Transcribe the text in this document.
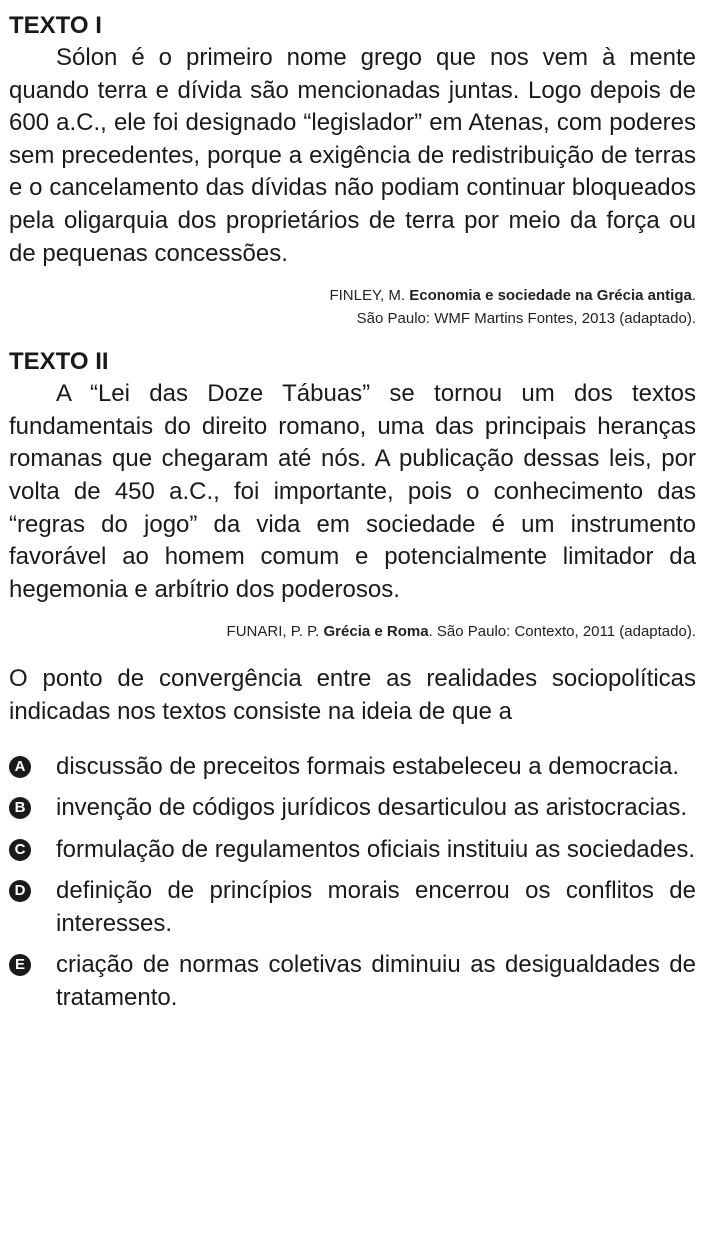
TEXTO I

Sólon é o primeiro nome grego que nos vem à mente quando terra e dívida são mencionadas juntas. Logo depois de 600 a.C., ele foi designado “legislador” em Atenas, com poderes sem precedentes, porque a exigência de redistribuição de terras e o cancelamento das dívidas não podiam continuar bloqueados pela oligarquia dos proprietários de terra por meio da força ou de pequenas concessões.

FINLEY, M. Economia e sociedade na Grécia antiga.

São Paulo: WMF Martins Fontes, 2013 (adaptado).

TEXTO II

A “Lei das Doze Tábuas” se tornou um dos textos fundamentais do direito romano, uma das principais heranças romanas que chegaram até nós. A publicação dessas leis, por volta de 450 a.C., foi importante, pois o conhecimento das “regras do jogo” da vida em sociedade é um instrumento favorável ao homem comum e potencialmente limitador da hegemonia e arbítrio dos poderosos.

FUNARI, P. P. Grécia e Roma. São Paulo: Contexto, 2011 (adaptado).

O ponto de convergência entre as realidades sociopolíticas indicadas nos textos consiste na ideia de que a

A discussão de preceitos formais estabeleceu a democracia.

B invenção de códigos jurídicos desarticulou as aristocracias.

C formulação de regulamentos oficiais instituiu as sociedades.

D definição de princípios morais encerrou os conflitos de interesses.

E criação de normas coletivas diminuiu as desigualdades de tratamento.
